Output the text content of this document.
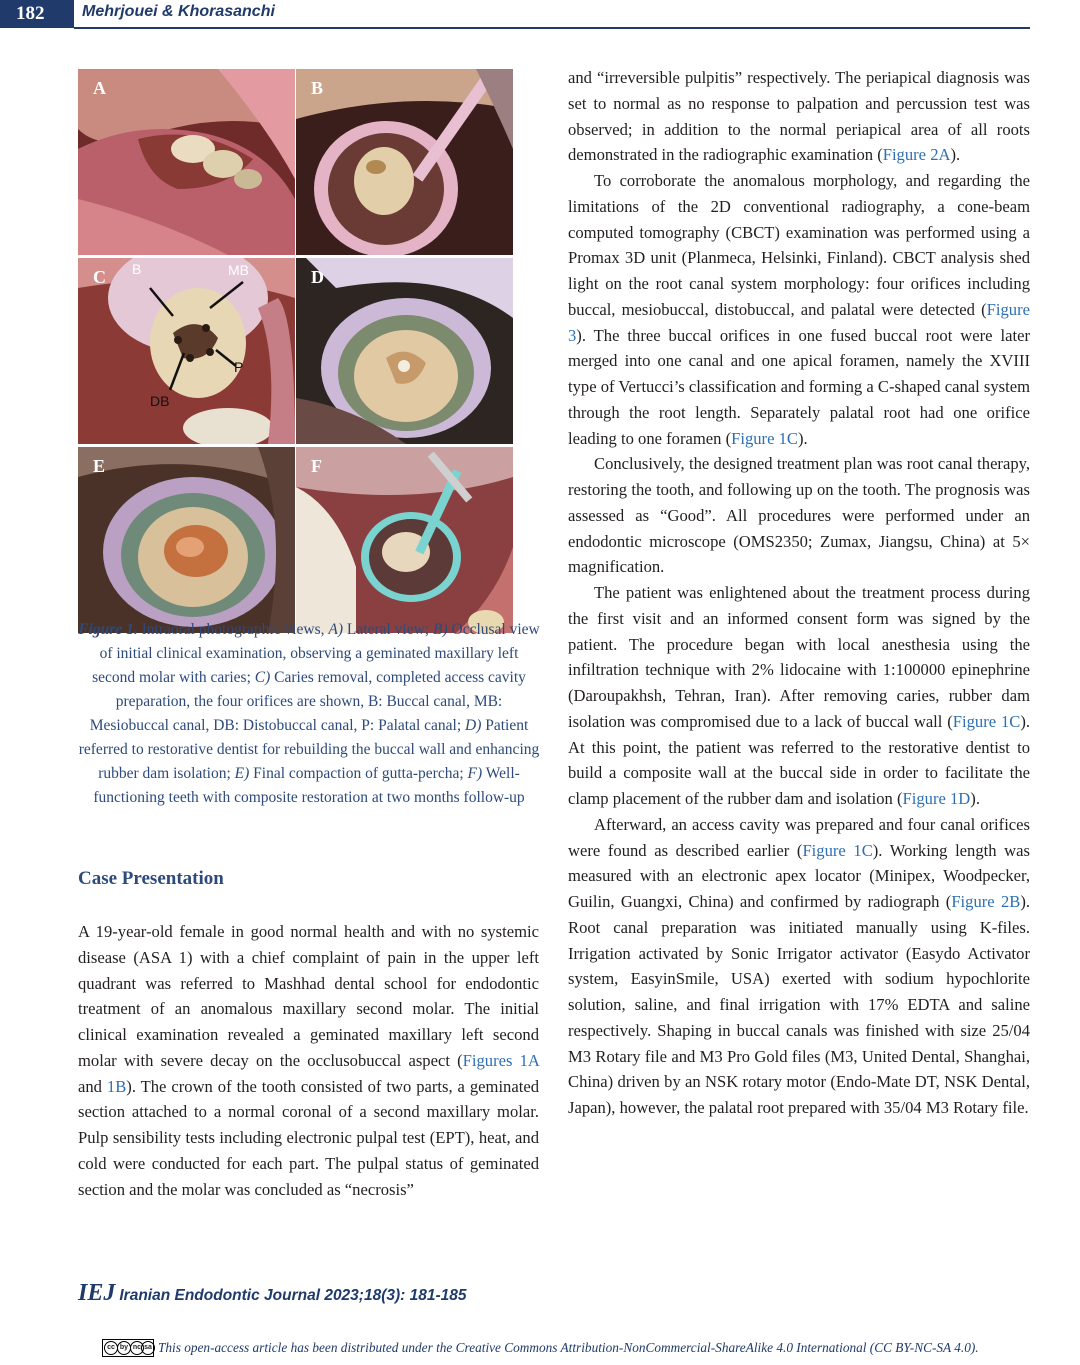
182	Mehrjouei & Khorasanchi
A	B
C B	MB
P
DB
D
E	F
Figure 1. Intraoral photographic views, A) Lateral view; B) Occlusal view of initial clinical examination, observing a geminated maxillary left second molar with caries; C) Caries removal, completed access cavity preparation, the four orifices are shown, B: Buccal canal, MB: Mesiobuccal canal, DB: Distobuccal canal, P: Palatal canal; D) Patient referred to restorative dentist for rebuilding the buccal wall and enhancing rubber dam isolation; E) Final compaction of gutta-percha; F) Well-functioning teeth with composite restoration at two months follow-up
Case Presentation

A 19-year-old female in good normal health and with no systemic disease (ASA 1) with a chief complaint of pain in the upper left quadrant was referred to Mashhad dental school for endodontic treatment of an anomalous maxillary second molar. The initial clinical examination revealed a geminated maxillary left second molar with severe decay on the occlusobuccal aspect (Figures 1A and 1B). The crown of the tooth consisted of two parts, a geminated section attached to a normal coronal of a second maxillary molar. Pulp sensibility tests including electronic pulpal test (EPT), heat, and cold were conducted for each part. The pulpal status of geminated section and the molar was concluded as “necrosis”

and “irreversible pulpitis” respectively. The periapical diagnosis was set to normal as no response to palpation and percussion test was observed; in addition to the normal periapical area of all roots demonstrated in the radiographic examination (Figure 2A).

To corroborate the anomalous morphology, and regarding the limitations of the 2D conventional radiography, a cone-beam computed tomography (CBCT) examination was performed using a Promax 3D unit (Planmeca, Helsinki, Finland). CBCT analysis shed light on the root canal system morphology: four orifices including buccal, mesiobuccal, distobuccal, and palatal were detected (Figure 3). The three buccal orifices in one fused buccal root were later merged into one canal and one apical foramen, namely the XVIII type of Vertucci’s classification and forming a C-shaped canal system through the root length. Separately palatal root had one orifice leading to one foramen (Figure 1C).

Conclusively, the designed treatment plan was root canal therapy, restoring the tooth, and following up on the tooth. The prognosis was assessed as “Good”. All procedures were performed under an endodontic microscope (OMS2350; Zumax, Jiangsu, China) at 5× magnification.

The patient was enlightened about the treatment process during the first visit and an informed consent form was signed by the patient. The procedure began with local anesthesia using the infiltration technique with 2% lidocaine with 1:100000 epinephrine (Daroupakhsh, Tehran, Iran). After removing caries, rubber dam isolation was compromised due to a lack of buccal wall (Figure 1C). At this point, the patient was referred to the restorative dentist to build a composite wall at the buccal side in order to facilitate the clamp placement of the rubber dam and isolation (Figure 1D).

Afterward, an access cavity was prepared and four canal orifices were found as described earlier (Figure 1C). Working length was measured with an electronic apex locator (Minipex, Woodpecker, Guilin, Guangxi, China) and confirmed by radiograph (Figure 2B). Root canal preparation was initiated manually using K-files. Irrigation activated by Sonic Irrigator activator (Easydo Activator system, EasyinSmile, USA) exerted with sodium hypochlorite solution, saline, and final irrigation with 17% EDTA and saline respectively. Shaping in buccal canals was finished with size 25/04 M3 Rotary file and M3 Pro Gold files (M3, United Dental, Shanghai, China) driven by an NSK rotary motor (Endo-Mate DT, NSK Dental, Japan), however, the palatal root prepared with 35/04 M3 Rotary file.

IEJ Iranian Endodontic Journal 2023;18(3): 181-185
cc by nc sa This open-access article has been distributed under the Creative Commons Attribution-NonCommercial-ShareAlike 4.0 International (CC BY-NC-SA 4.0).
